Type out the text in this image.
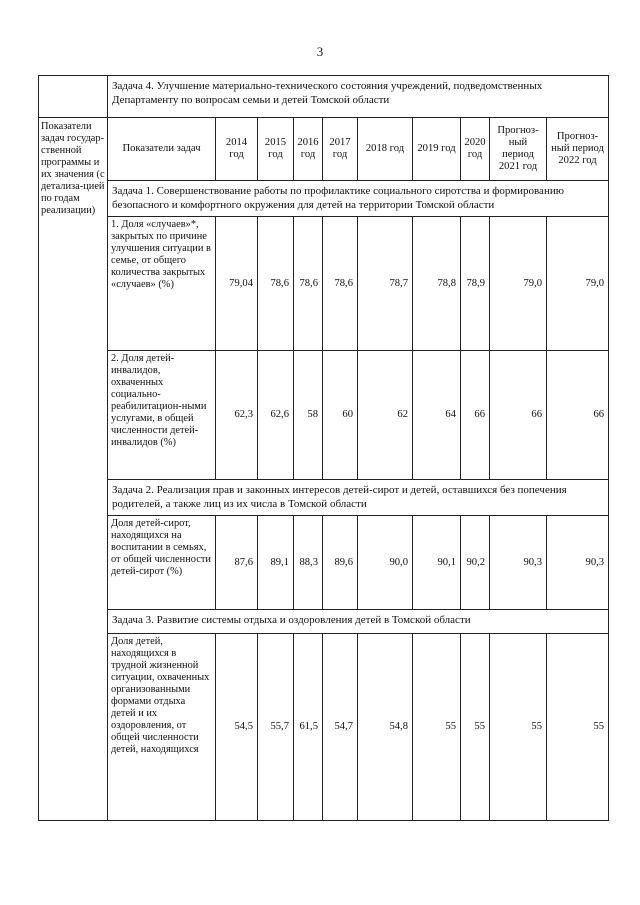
3
	Задача 4. Улучшение материально-технического состояния учреждений, подведомственных Департаменту по вопросам семьи и детей Томской области									
Показатели задач государ-ственной программы и их значения (с детализа-цией по годам реализации)	Показатели задач	2014 год	2015 год	2016 год	2017 год	2018 год	2019 год	2020 год	Прогноз-ный период 2021 год	Прогноз-ный период 2022 год
	Задача 1. Совершенствование работы по профилактике социального сиротства и формированию безопасного и комфортного окружения для детей на территории Томской области									
	1. Доля «случаев»*, закрытых по причине улучшения ситуации в семье, от общего количества закрытых «случаев» (%)	79,04	78,6	78,6	78,6	78,7	78,8	78,9	79,0	79,0
	2. Доля детей-инвалидов, охваченных социально-реабилитацион-ными услугами, в общей численности детей-инвалидов (%)	62,3	62,6	58	60	62	64	66	66	66
	Задача 2. Реализация прав и законных интересов детей-сирот и детей, оставшихся без попечения родителей, а также лиц из их числа в Томской области									
	Доля детей-сирот, находящихся на воспитании в семьях, от общей численности детей-сирот (%)	87,6	89,1	88,3	89,6	90,0	90,1	90,2	90,3	90,3
	Задача 3. Развитие системы отдыха и оздоровления детей в Томской области									
	Доля детей, находящихся в трудной жизненной ситуации, охваченных организованными формами отдыха детей и их оздоровления, от общей численности детей, находящихся	54,5	55,7	61,5	54,7	54,8	55	55	55	55
